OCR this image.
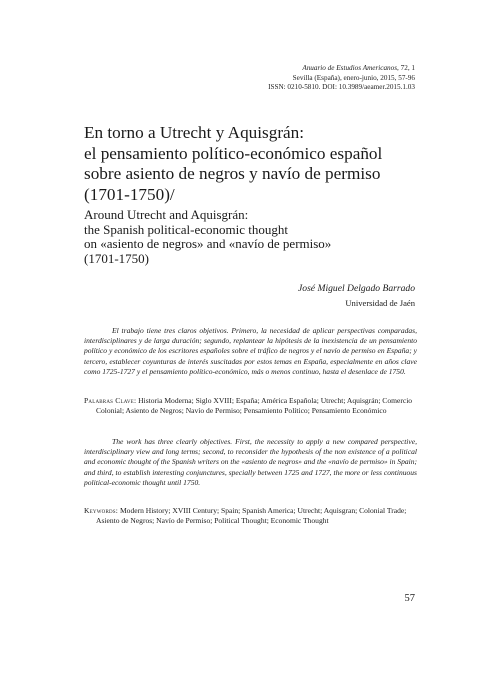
Anuario de Estudios Americanos, 72, 1
Sevilla (España), enero-junio, 2015, 57-96
ISSN: 0210-5810. DOI: 10.3989/aeamer.2015.1.03
En torno a Utrecht y Aquisgrán:
el pensamiento político-económico español
sobre asiento de negros y navío de permiso
(1701-1750)/
Around Utrecht and Aquisgrán:
the Spanish political-economic thought
on «asiento de negros» and «navío de permiso»
(1701-1750)
José Miguel Delgado Barrado
Universidad de Jaén

El trabajo tiene tres claros objetivos. Primero, la necesidad de aplicar perspectivas comparadas, interdisciplinares y de larga duración; segundo, replantear la hipótesis de la inexistencia de un pensamiento político y económico de los escritores españoles sobre el tráfico de negros y el navío de permiso en España; y tercero, establecer coyunturas de interés suscitadas por estos temas en España, especialmente en años clave como 1725-1727 y el pensamiento político-económico, más o menos continuo, hasta el desenlace de 1750.

Palabras Clave: Historia Moderna; Siglo XVIII; España; América Española; Utrecht; Aquisgrán; Comercio Colonial; Asiento de Negros; Navío de Permiso; Pensamiento Político; Pensamiento Económico

The work has three clearly objectives. First, the necessity to apply a new compared perspective, interdisciplinary view and long terms; second, to reconsider the hypothesis of the non existence of a political and economic thought of the Spanish writers on the «asiento de negros» and the «navío de permiso» in Spain; and third, to establish interesting conjunctures, specially between 1725 and 1727, the more or less continuous political-economic thought until 1750.

Keywords: Modern History; XVIII Century; Spain; Spanish America; Utrecht; Aquisgran; Colonial Trade; Asiento de Negros; Navío de Permiso; Political Thought; Economic Thought

57
